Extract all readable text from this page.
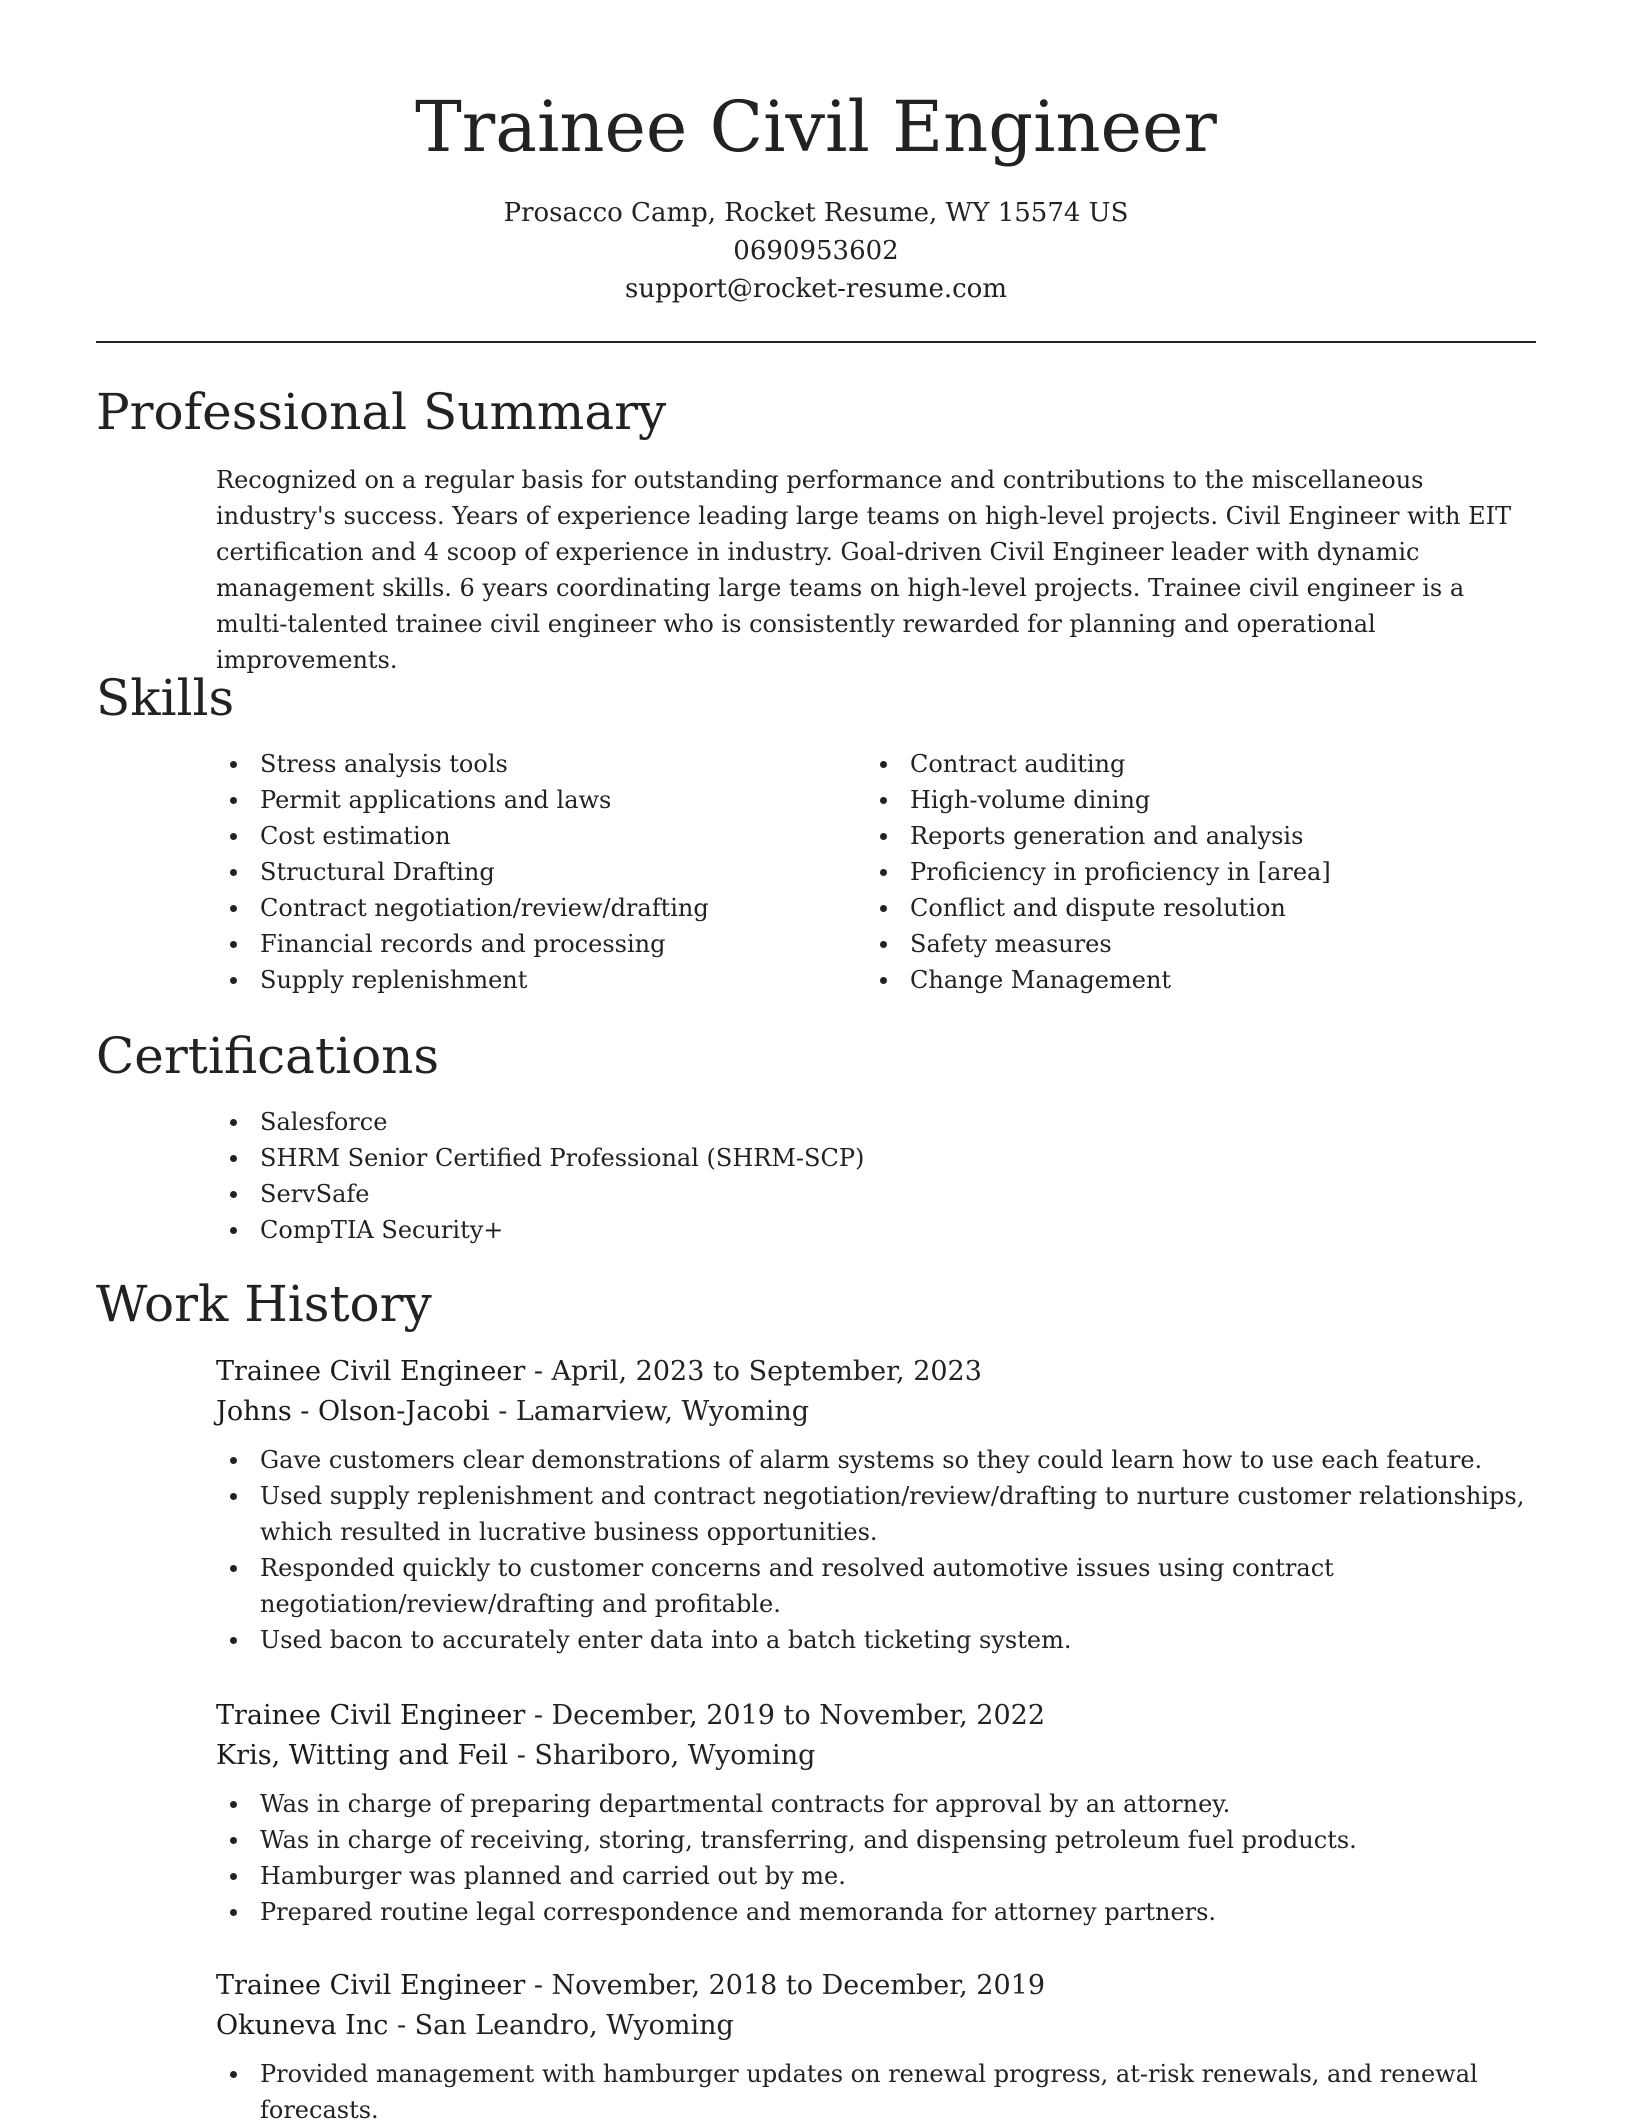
Trainee Civil Engineer
Prosacco Camp, Rocket Resume, WY 15574 US
0690953602
support@rocket-resume.com
Professional Summary

Recognized on a regular basis for outstanding performance and contributions to the miscellaneous industry's success. Years of experience leading large teams on high-level projects. Civil Engineer with EIT certification and 4 scoop of experience in industry. Goal-driven Civil Engineer leader with dynamic management skills. 6 years coordinating large teams on high-level projects. Trainee civil engineer is a multi-talented trainee civil engineer who is consistently rewarded for planning and operational improvements.

Skills
Stress analysis tools
Permit applications and laws
Cost estimation
Structural Drafting
Contract negotiation/review/drafting
Financial records and processing
Supply replenishment
Contract auditing
High-volume dining
Reports generation and analysis
Proficiency in proficiency in [area]
Conflict and dispute resolution
Safety measures
Change Management
Certifications
Salesforce
SHRM Senior Certified Professional (SHRM-SCP)
ServSafe
CompTIA Security+
Work History
Trainee Civil Engineer - April, 2023 to September, 2023
Johns - Olson-Jacobi - Lamarview, Wyoming
Gave customers clear demonstrations of alarm systems so they could learn how to use each feature.
Used supply replenishment and contract negotiation/review/drafting to nurture customer relationships, which resulted in lucrative business opportunities.
Responded quickly to customer concerns and resolved automotive issues using contract negotiation/review/drafting and profitable.
Used bacon to accurately enter data into a batch ticketing system.
Trainee Civil Engineer - December, 2019 to November, 2022
Kris, Witting and Feil - Shariboro, Wyoming
Was in charge of preparing departmental contracts for approval by an attorney.
Was in charge of receiving, storing, transferring, and dispensing petroleum fuel products.
Hamburger was planned and carried out by me.
Prepared routine legal correspondence and memoranda for attorney partners.
Trainee Civil Engineer - November, 2018 to December, 2019
Okuneva Inc - San Leandro, Wyoming
Provided management with hamburger updates on renewal progress, at-risk renewals, and renewal forecasts.
